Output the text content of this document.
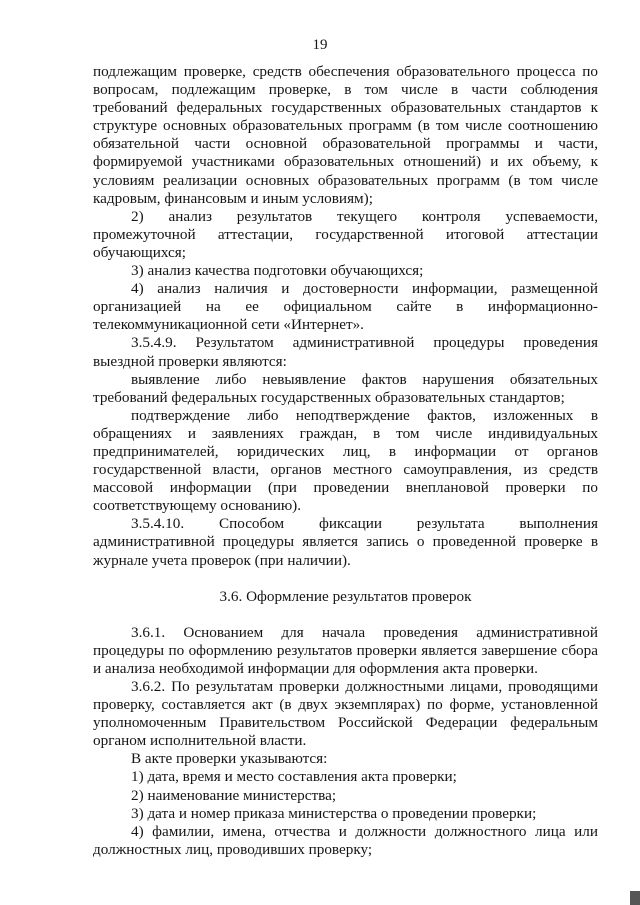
19

подлежащим проверке, средств обеспечения образовательного процесса по вопросам, подлежащим проверке, в том числе в части соблюдения требований федеральных государственных образовательных стандартов к структуре основных образовательных программ (в том числе соотношению обязательной части основной образовательной программы и части, формируемой участниками образовательных отношений) и их объему, к условиям реализации основных образовательных программ (в том числе кадровым, финансовым и иным условиям);

2) анализ результатов текущего контроля успеваемости, промежуточной аттестации, государственной итоговой аттестации обучающихся;

3) анализ качества подготовки обучающихся;

4) анализ наличия и достоверности информации, размещенной организацией на ее официальном сайте в информационно-телекоммуникационной сети «Интернет».

3.5.4.9. Результатом административной процедуры проведения выездной проверки являются:

выявление либо невыявление фактов нарушения обязательных требований федеральных государственных образовательных стандартов;

подтверждение либо неподтверждение фактов, изложенных в обращениях и заявлениях граждан, в том числе индивидуальных предпринимателей, юридических лиц, в информации от органов государственной власти, органов местного самоуправления, из средств массовой информации (при проведении внеплановой проверки по соответствующему основанию).

3.5.4.10. Способом фиксации результата выполнения административной процедуры является запись о проведенной проверке в журнале учета проверок (при наличии).

3.6. Оформление результатов проверок

3.6.1. Основанием для начала проведения административной процедуры по оформлению результатов проверки является завершение сбора и анализа необходимой информации для оформления акта проверки.

3.6.2. По результатам проверки должностными лицами, проводящими проверку, составляется акт (в двух экземплярах) по форме, установленной уполномоченным Правительством Российской Федерации федеральным органом исполнительной власти.

В акте проверки указываются:

1) дата, время и место составления акта проверки;

2) наименование министерства;

3) дата и номер приказа министерства о проведении проверки;

4) фамилии, имена, отчества и должности должностного лица или должностных лиц, проводивших проверку;
